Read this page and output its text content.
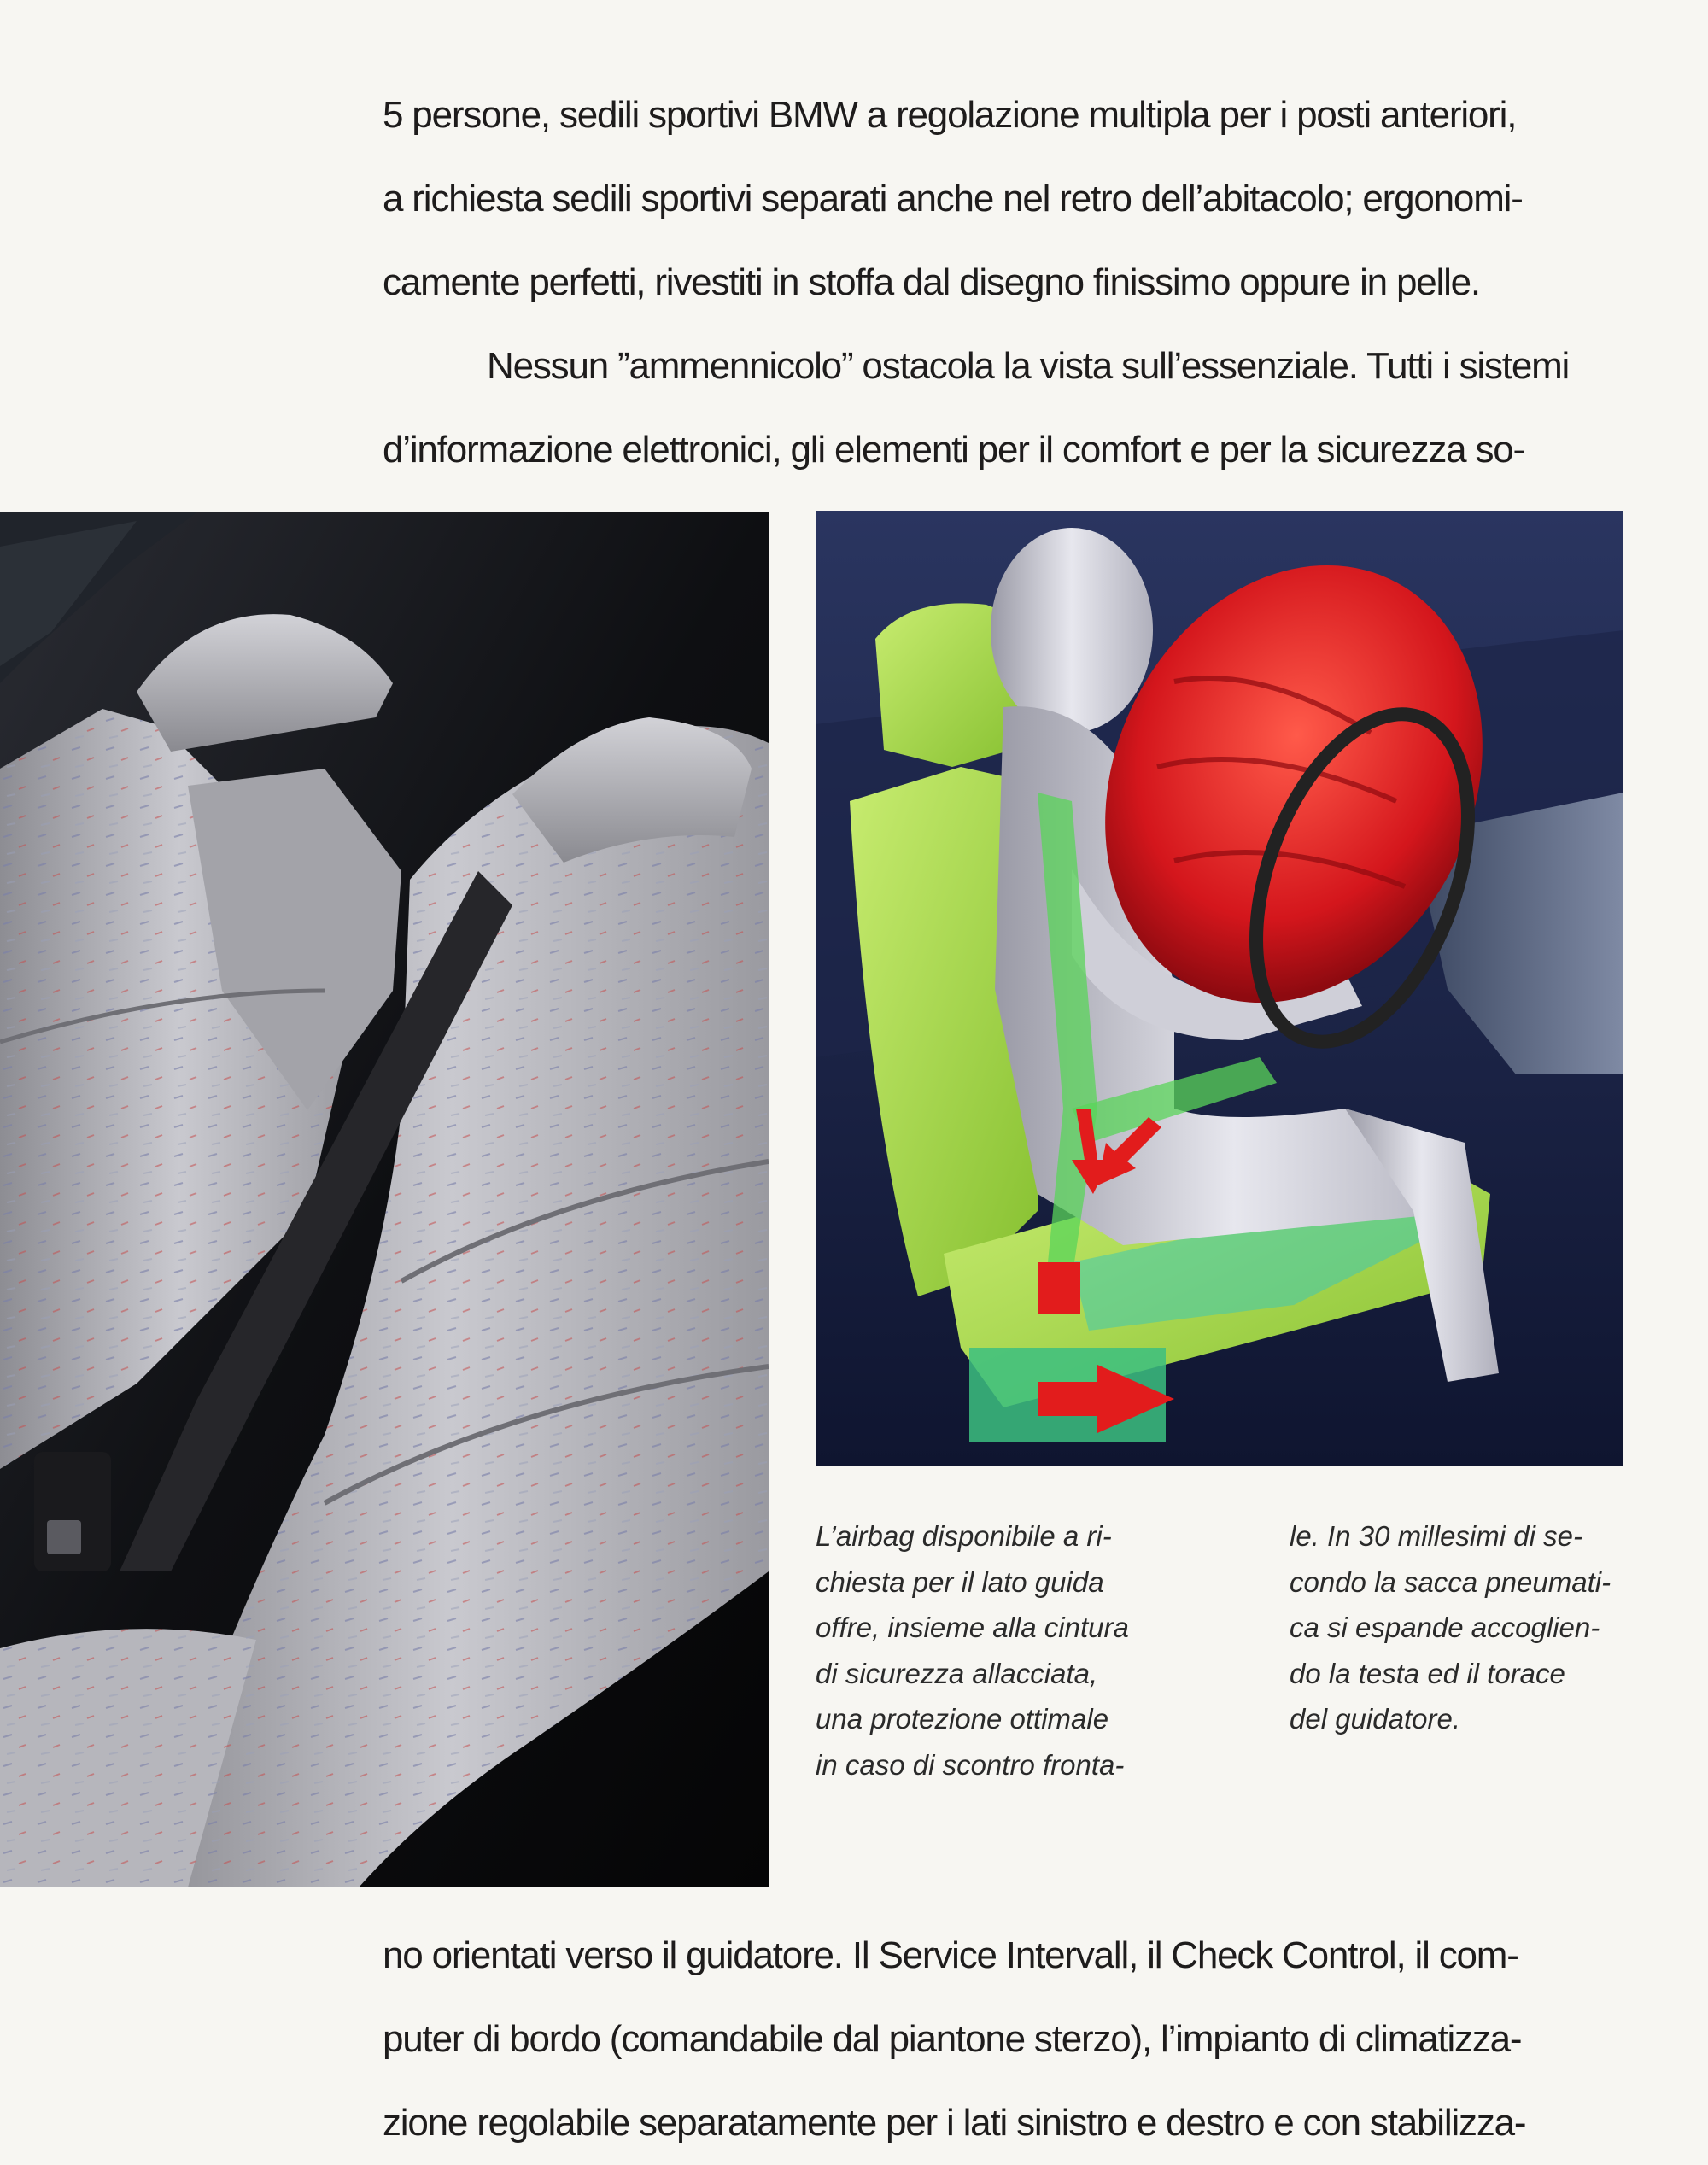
5 persone, sedili sportivi BMW a regolazione multipla per i posti anteriori,
a richiesta sedili sportivi separati anche nel retro dell’abitacolo; ergonomi-
camente perfetti, rivestiti in stoffa dal disegno finissimo oppure in pelle.
Nessun ”ammennicolo” ostacola la vista sull’essenziale. Tutti i sistemi
d’informazione elettronici, gli elementi per il comfort e per la sicurezza so-
L’airbag disponibile a ri-
chiesta per il lato guida
offre, insieme alla cintura
di sicurezza allacciata,
una protezione ottimale
in caso di scontro fronta-
le. In 30 millesimi di se-
condo la sacca pneumati-
ca si espande accoglien-
do la testa ed il torace
del guidatore.
no orientati verso il guidatore. Il Service Intervall, il Check Control, il com-
puter di bordo (comandabile dal piantone sterzo), l’impianto di climatizza-
zione regolabile separatamente per i lati sinistro e destro e con stabilizza-
